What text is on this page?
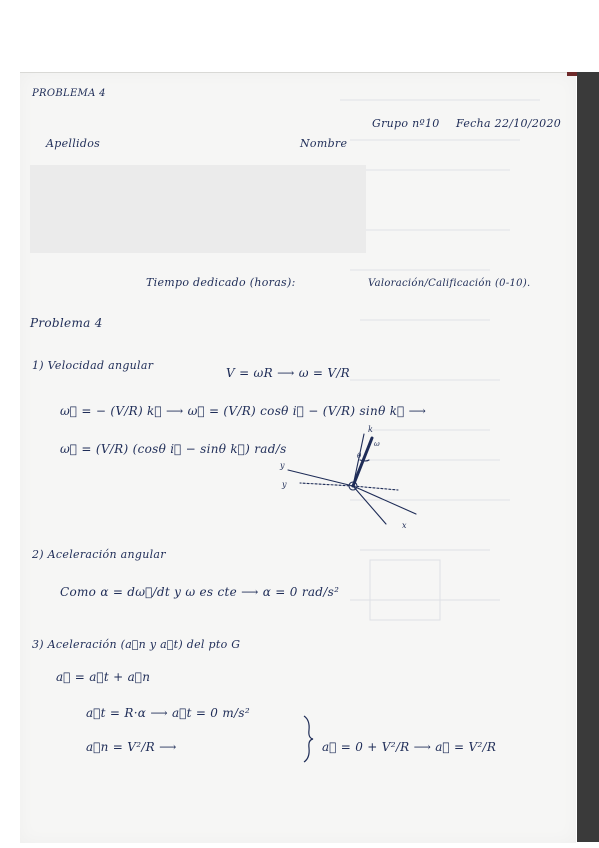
PROBLEMA 4
Apellidos	Nombre
Grupo nº10 Fecha 22/10/2020
Tiempo dedicado (horas):	Valoración/Calificación (0-10).
Problema 4
1) Velocidad angular
V = ωR ⟶ ω = V/R
ω⃗ = − (V/R) k⃗ ⟶ ω⃗ = (V/R) cosθ i⃗ − (V/R) sinθ k⃗ ⟶
ω⃗ = (V/R) (cosθ i⃗ − sinθ k⃗) rad/s
k
ω
θ
y
y
x
2) Aceleración angular
Como α = dω⃗/dt y ω es cte ⟶ α = 0 rad/s²
3) Aceleración (a⃗n y a⃗t) del pto G
a⃗ = a⃗t + a⃗n
a⃗t = R·α ⟶ a⃗t = 0 m/s²
a⃗n = V²/R ⟶	a⃗ = 0 + V²/R ⟶ a⃗ = V²/R
